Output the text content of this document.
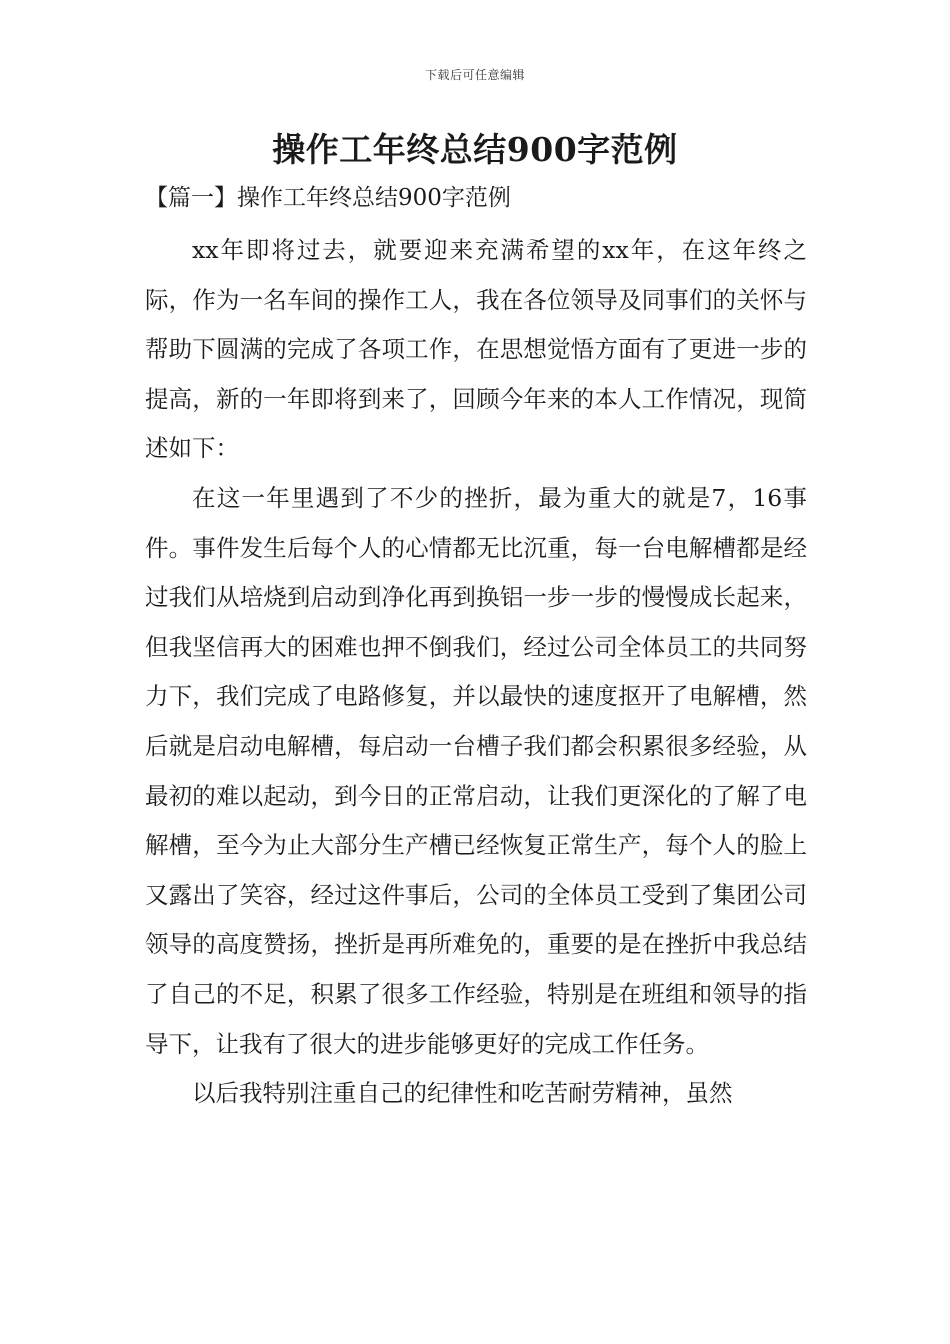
下载后可任意编辑
操作工年终总结900字范例
【篇一】操作工年终总结900字范例

xx年即将过去，就要迎来充满希望的xx年，在这年终之际，作为一名车间的操作工人，我在各位领导及同事们的关怀与帮助下圆满的完成了各项工作，在思想觉悟方面有了更进一步的提高，新的一年即将到来了，回顾今年来的本人工作情况，现简述如下：

在这一年里遇到了不少的挫折，最为重大的就是7，16事件。事件发生后每个人的心情都无比沉重，每一台电解槽都是经过我们从培烧到启动到净化再到换铝一步一步的慢慢成长起来，但我坚信再大的困难也押不倒我们，经过公司全体员工的共同努力下，我们完成了电路修复，并以最快的速度抠开了电解槽，然后就是启动电解槽，每启动一台槽子我们都会积累很多经验，从最初的难以起动，到今日的正常启动，让我们更深化的了解了电解槽，至今为止大部分生产槽已经恢复正常生产，每个人的脸上又露出了笑容，经过这件事后，公司的全体员工受到了集团公司领导的高度赞扬，挫折是再所难免的，重要的是在挫折中我总结了自己的不足，积累了很多工作经验，特别是在班组和领导的指导下，让我有了很大的进步能够更好的完成工作任务。

以后我特别注重自己的纪律性和吃苦耐劳精神，虽然
